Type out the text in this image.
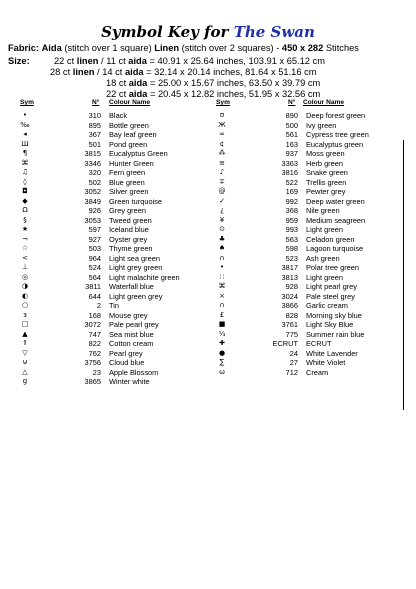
Symbol Key for The Swan
Fabric: Aida (stitch over 1 square) Linen (stitch over 2 squares) - 450 x 282 Stitches
Size:	22 ct linen / 11 ct aida = 40.91 x 25.64 inches, 103.91 x 65.12 cm
28 ct linen / 14 ct aida = 32.14 x 20.14 inches, 81.64 x 51.16 cm
18 ct aida = 25.00 x 15.67 inches, 63.50 x 39.79 cm
22 ct aida = 20.45 x 12.82 inches, 51.95 x 32.56 cm
Sym	N° Colour Name	Sym	N° Colour Name
•	310 Black
‰	895 Bottle green
◂	367 Bay leaf green
Ш	501 Pond green
¶	3815 Eucalyptus Green
⌘	3346 Hunter Green
♫	320 Fern green
◊	502 Blue green
◘	3052 Silver green
◆	3849 Green turquoise
Ω	926 Grey green
§	3053 Tweed green
★	597 Iceland blue
¬	927 Oyster grey
☆	503 Thyme green
<	964 Light sea green
⊥	524 Light grey green
◎	564 Light malachite green
◑	3811 Waterfall blue
◐	644 Light green grey
○	2 Tin
ɜ	168 Mouse grey
□	3072 Pale pearl grey
▲	747 Sea mist blue
⇑	822 Cotton cream
▽	762 Pearl grey
⊎	3756 Cloud blue
△	23 Apple Blossom
g	3865 Winter white
ʊ	890 Deep forest green
Ж	500 Ivy green
∞	561 Cypress tree green
¢	163 Eucalyptus green
⁂	937 Moss green
≡	3363 Herb green
♪	3816 Snake green
∓	522 Trellis green
@	169 Pewter grey
✓	992 Deep water green
¿	368 Nile green
¥	959 Medium seagreen
⊙	993 Light green
♣	563 Celadon green
♠	598 Lagoon turquoise
∩	523 Ash green
•	3817 Polar tree green
∷	3813 Light green
⌘	928 Light pearl grey
×	3024 Pale steel grey
∩	3866 Garlic cream
£	828 Morning sky blue
■	3761 Light Sky Blue
⅓	775 Summer rain blue
✚	ECRUT ECRUT
●	24 White Lavender
∑	27 White Violet
ω	712 Cream
